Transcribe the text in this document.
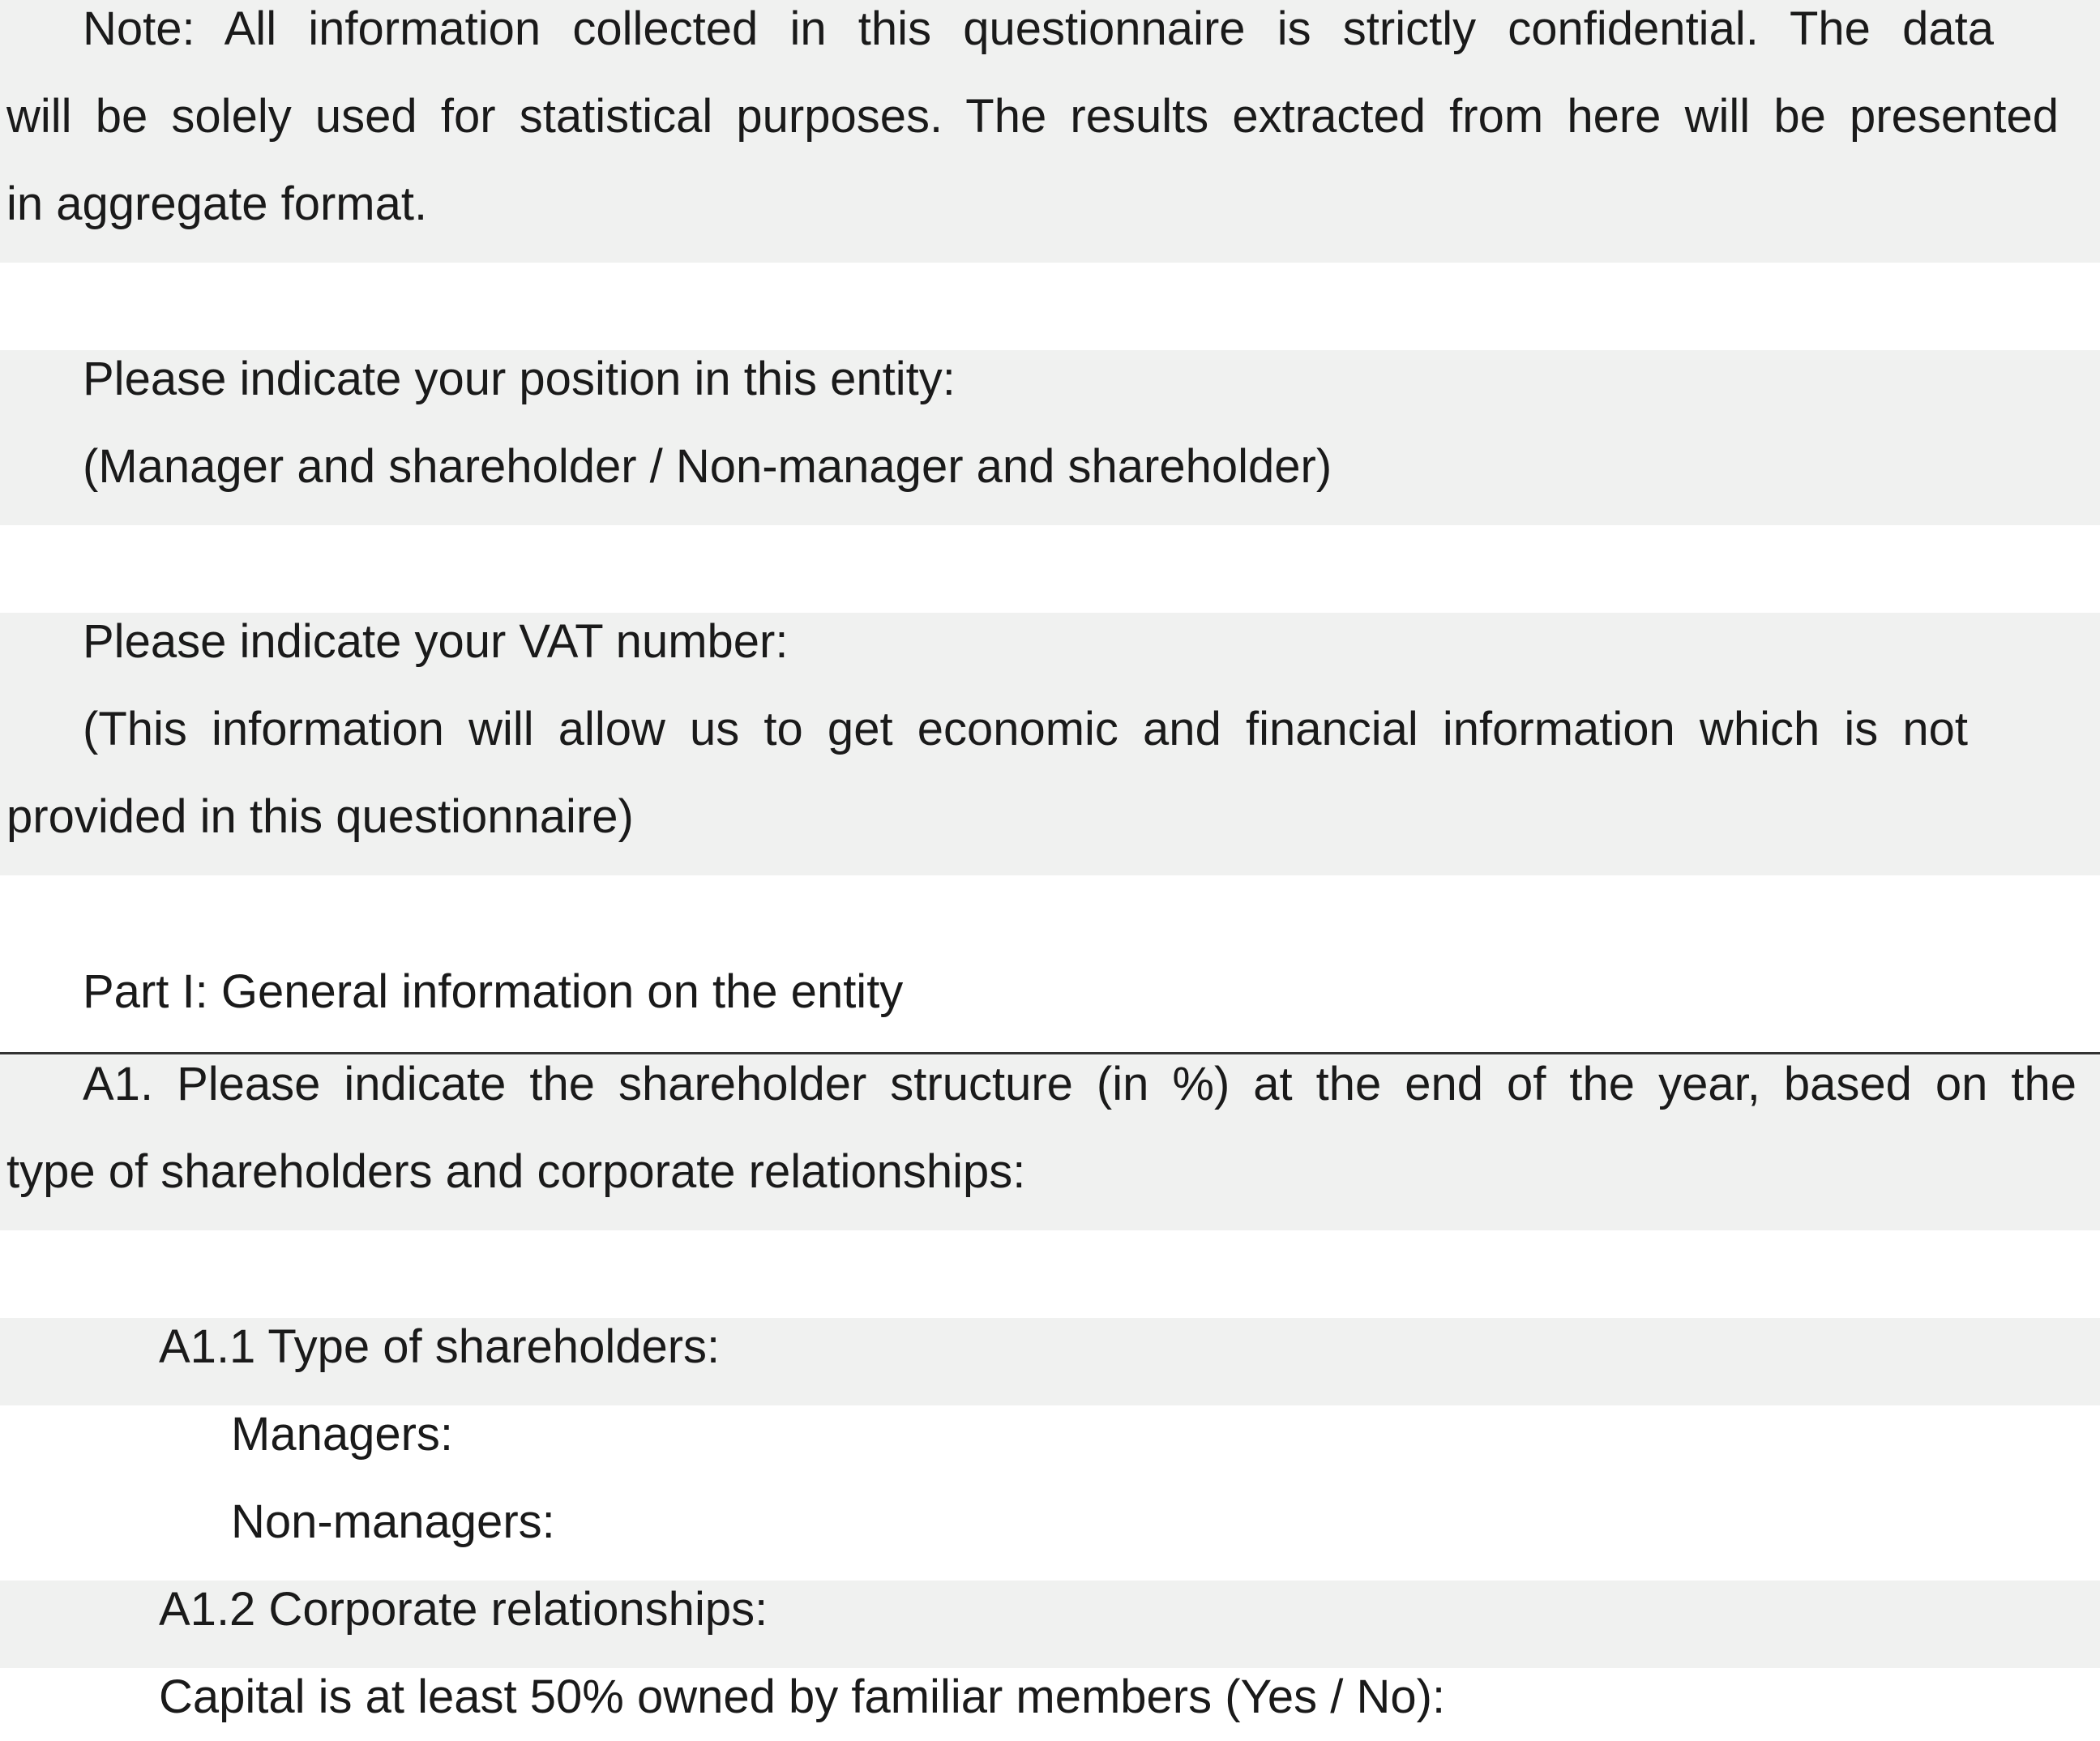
Note: All information collected in this questionnaire is strictly confidential. The data
will be solely used for statistical purposes. The results extracted from here will be presented
in aggregate format.
Please indicate your position in this entity:
(Manager and shareholder / Non-manager and shareholder)
Please indicate your VAT number:
(This information will allow us to get economic and financial information which is not
provided in this questionnaire)
Part I: General information on the entity
A1. Please indicate the shareholder structure (in %) at the end of the year, based on the
type of shareholders and corporate relationships:
A1.1 Type of shareholders:
Managers:
Non-managers:
A1.2 Corporate relationships:
Capital is at least 50% owned by familiar members (Yes / No):
